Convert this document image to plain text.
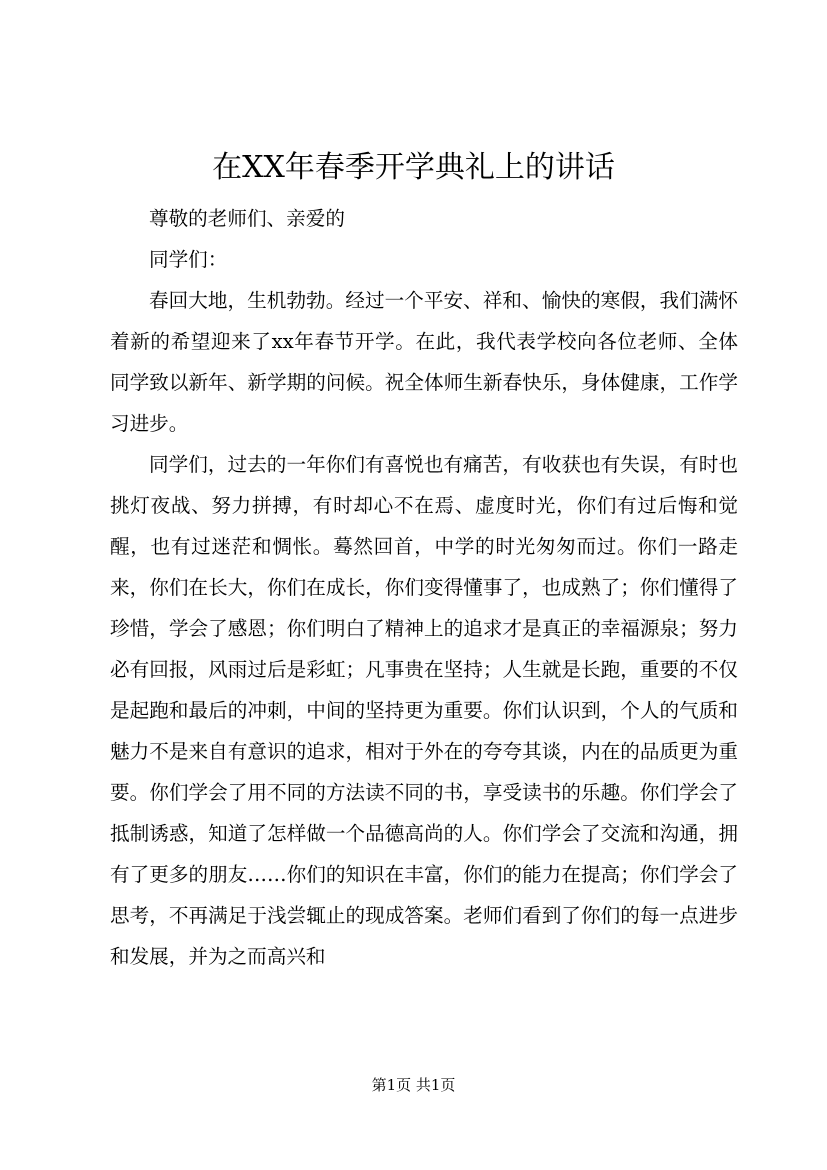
在XX年春季开学典礼上的讲话

尊敬的老师们、亲爱的

同学们：

春回大地，生机勃勃。经过一个平安、祥和、愉快的寒假，我们满怀着新的希望迎来了xx年春节开学。在此，我代表学校向各位老师、全体同学致以新年、新学期的问候。祝全体师生新春快乐，身体健康，工作学习进步。

同学们，过去的一年你们有喜悦也有痛苦，有收获也有失误，有时也挑灯夜战、努力拼搏，有时却心不在焉、虚度时光，你们有过后悔和觉醒，也有过迷茫和惆怅。蓦然回首，中学的时光匆匆而过。你们一路走来，你们在长大，你们在成长，你们变得懂事了，也成熟了；你们懂得了珍惜，学会了感恩；你们明白了精神上的追求才是真正的幸福源泉；努力必有回报，风雨过后是彩虹；凡事贵在坚持；人生就是长跑，重要的不仅是起跑和最后的冲刺，中间的坚持更为重要。你们认识到，个人的气质和魅力不是来自有意识的追求，相对于外在的夸夸其谈，内在的品质更为重要。你们学会了用不同的方法读不同的书，享受读书的乐趣。你们学会了抵制诱惑，知道了怎样做一个品德高尚的人。你们学会了交流和沟通，拥有了更多的朋友……你们的知识在丰富，你们的能力在提高；你们学会了思考，不再满足于浅尝辄止的现成答案。老师们看到了你们的每一点进步和发展，并为之而高兴和

第1页 共1页
